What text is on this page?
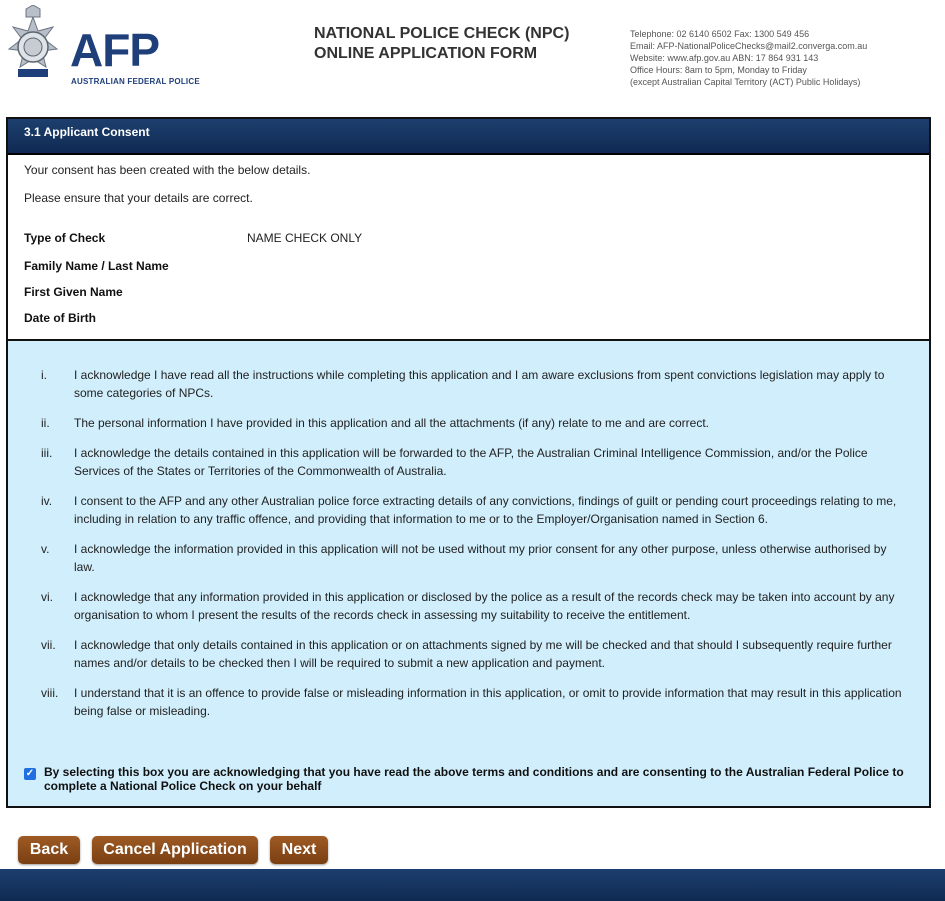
AFP
AUSTRALIAN FEDERAL POLICE
NATIONAL POLICE CHECK (NPC)
ONLINE APPLICATION FORM
Telephone: 02 6140 6502 Fax: 1300 549 456
Email: AFP-NationalPoliceChecks@mail2.converga.com.au
Website: www.afp.gov.au ABN: 17 864 931 143
Office Hours: 8am to 5pm, Monday to Friday
(except Australian Capital Territory (ACT) Public Holidays)
3.1 Applicant Consent
Your consent has been created with the below details.
Please ensure that your details are correct.
Type of Check	NAME CHECK ONLY
Family Name / Last Name
First Given Name
Date of Birth
i.	I acknowledge I have read all the instructions while completing this application and I am aware exclusions from spent convictions legislation may apply to some categories of NPCs.
ii.	The personal information I have provided in this application and all the attachments (if any) relate to me and are correct.
iii.	I acknowledge the details contained in this application will be forwarded to the AFP, the Australian Criminal Intelligence Commission, and/or the Police Services of the States or Territories of the Commonwealth of Australia.
iv.	I consent to the AFP and any other Australian police force extracting details of any convictions, findings of guilt or pending court proceedings relating to me, including in relation to any traffic offence, and providing that information to me or to the Employer/Organisation named in Section 6.
v.	I acknowledge the information provided in this application will not be used without my prior consent for any other purpose, unless otherwise authorised by law.
vi.	I acknowledge that any information provided in this application or disclosed by the police as a result of the records check may be taken into account by any organisation to whom I present the results of the records check in assessing my suitability to receive the entitlement.
vii.	I acknowledge that only details contained in this application or on attachments signed by me will be checked and that should I subsequently require further names and/or details to be checked then I will be required to submit a new application and payment.
viii.	I understand that it is an offence to provide false or misleading information in this application, or omit to provide information that may result in this application being false or misleading.
✓ By selecting this box you are acknowledging that you have read the above terms and conditions and are consenting to the Australian Federal Police to complete a National Police Check on your behalf
Back	Cancel Application	Next
